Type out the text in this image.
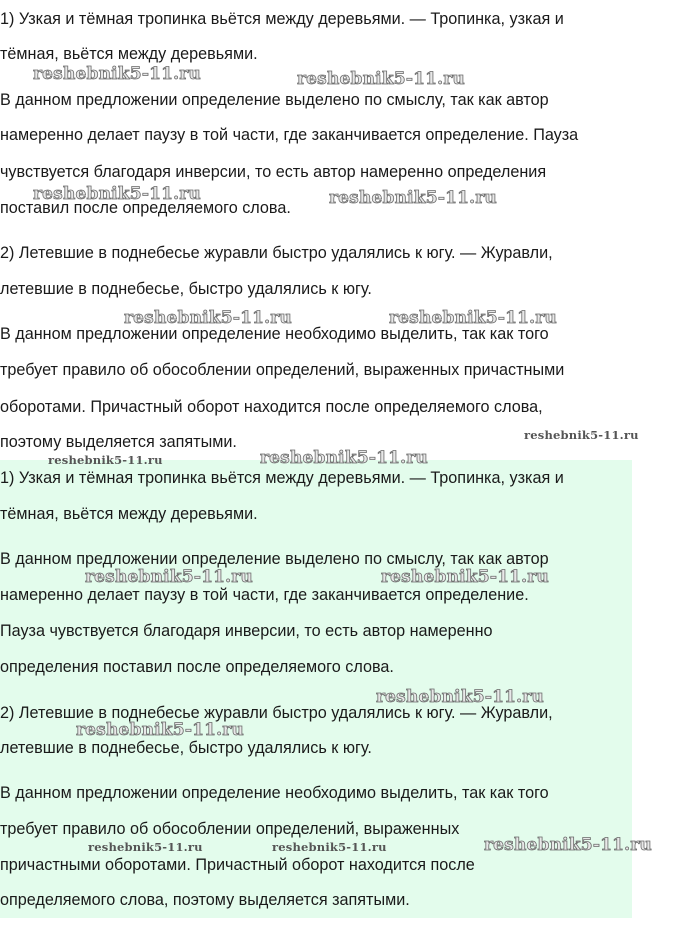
1) Узкая и тёмная тропинка вьётся между деревьями. — Тропинка, узкая и
тёмная, вьётся между деревьями.
В данном предложении определение выделено по смыслу, так как автор
намеренно делает паузу в той части, где заканчивается определение. Пауза
чувствуется благодаря инверсии, то есть автор намеренно определения
поставил после определяемого слова.
2) Летевшие в поднебесье журавли быстро удалялись к югу. — Журавли,
летевшие в поднебесье, быстро удалялись к югу.
В данном предложении определение необходимо выделить, так как того
требует правило об обособлении определений, выраженных причастными
оборотами. Причастный оборот находится после определяемого слова,
поэтому выделяется запятыми.
1) Узкая и тёмная тропинка вьётся между деревьями. — Тропинка, узкая и
тёмная, вьётся между деревьями.
В данном предложении определение выделено по смыслу, так как автор
намеренно делает паузу в той части, где заканчивается определение.
Пауза чувствуется благодаря инверсии, то есть автор намеренно
определения поставил после определяемого слова.
2) Летевшие в поднебесье журавли быстро удалялись к югу. — Журавли,
летевшие в поднебесье, быстро удалялись к югу.
В данном предложении определение необходимо выделить, так как того
требует правило об обособлении определений, выраженных
причастными оборотами. Причастный оборот находится после
определяемого слова, поэтому выделяется запятыми.
reshebnik5-11.ru	reshebnik5-11.ru
reshebnik5-11.ru	reshebnik5-11.ru
reshebnik5-11.ru	reshebnik5-11.ru
reshebnik5-11.ru
reshebnik5-11.ru	reshebnik5-11.ru
reshebnik5-11.ru	reshebnik5-11.ru
reshebnik5-11.ru
reshebnik5-11.ru
reshebnik5-11.ru	reshebnik5-11.ru	reshebnik5-11.ru
